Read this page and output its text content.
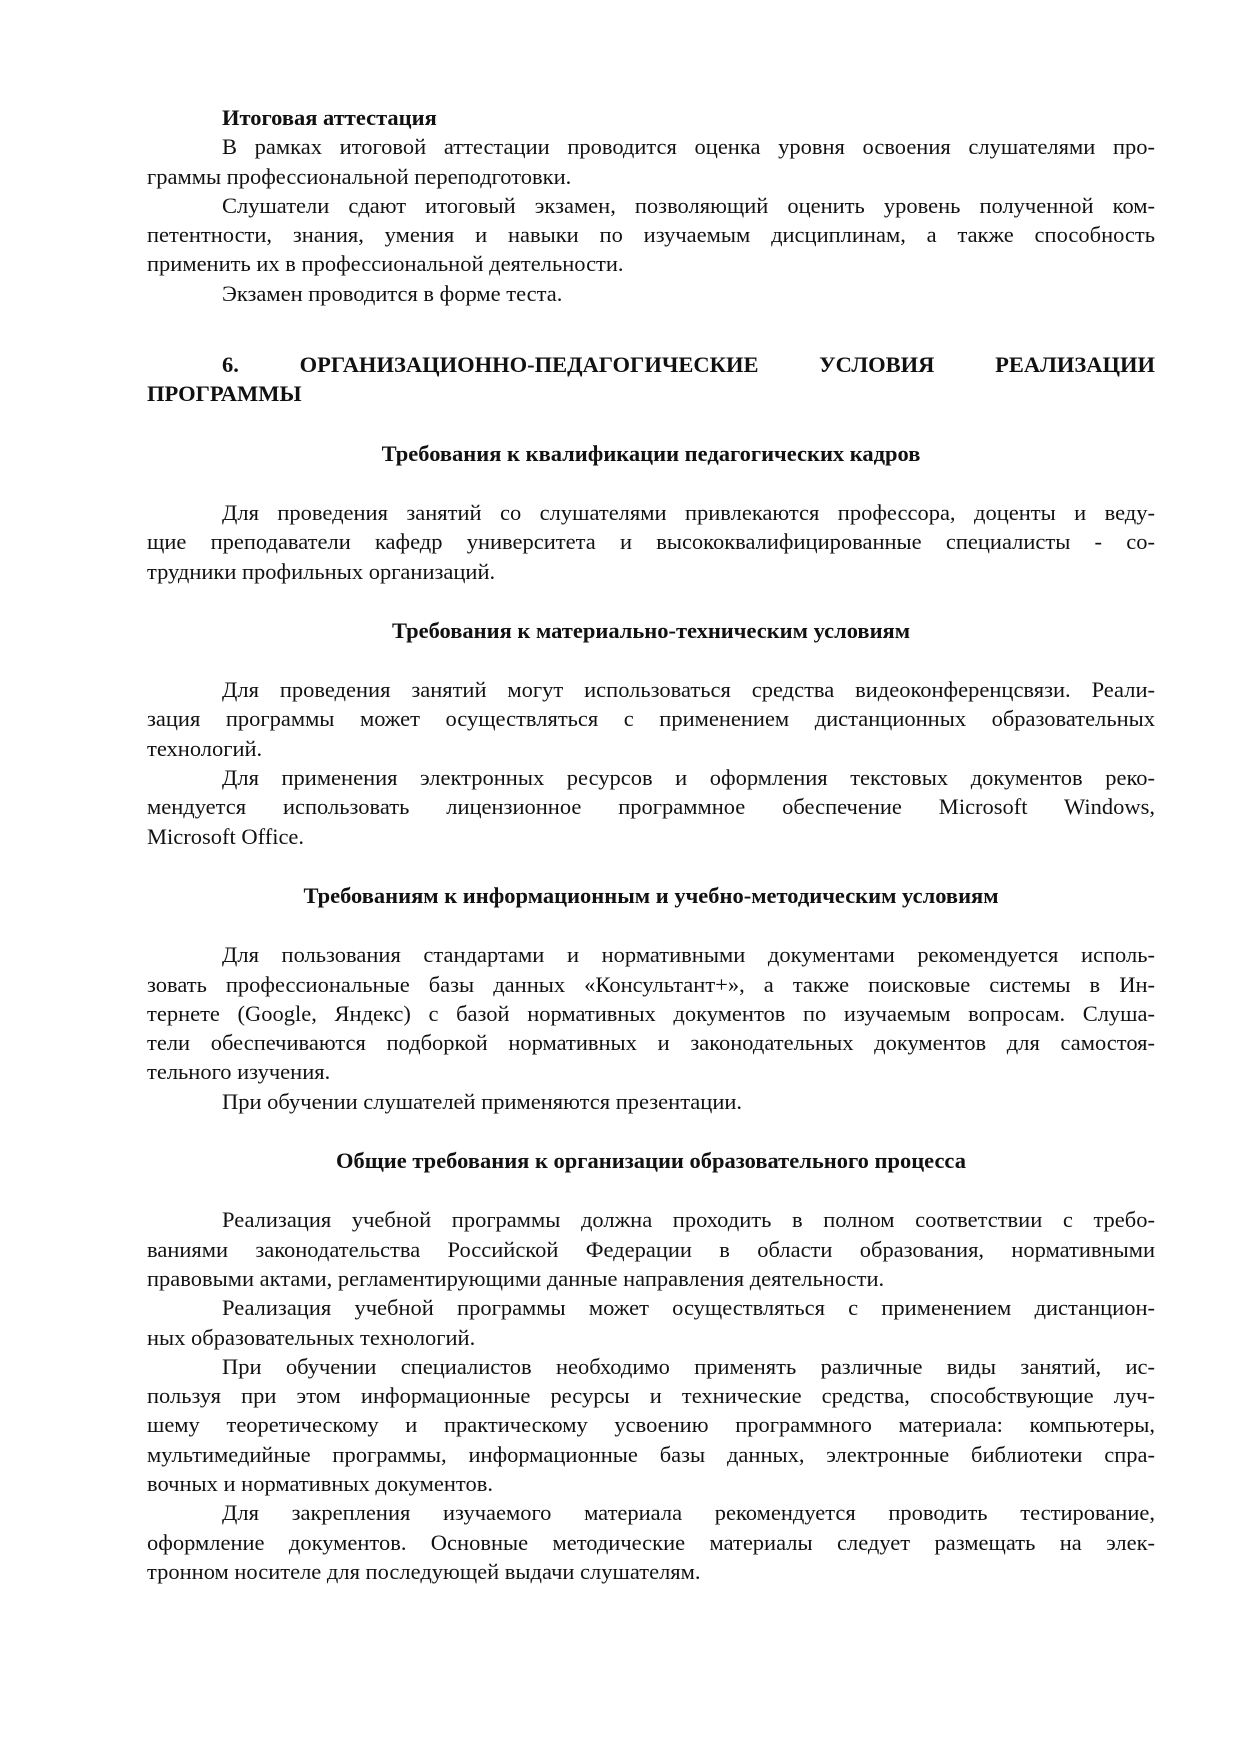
Итоговая аттестация
В рамках итоговой аттестации проводится оценка уровня освоения слушателями про-
граммы профессиональной переподготовки.
Слушатели сдают итоговый экзамен, позволяющий оценить уровень полученной ком-
петентности, знания, умения и навыки по изучаемым дисциплинам, а также способность
применить их в профессиональной деятельности.
Экзамен проводится в форме теста.
6. ОРГАНИЗАЦИОННО-ПЕДАГОГИЧЕСКИЕ УСЛОВИЯ РЕАЛИЗАЦИИ
ПРОГРАММЫ
Требования к квалификации педагогических кадров
Для проведения занятий со слушателями привлекаются профессора, доценты и веду-
щие преподаватели кафедр университета и высококвалифицированные специалисты - со-
трудники профильных организаций.
Требования к материально-техническим условиям
Для проведения занятий могут использоваться средства видеоконференцсвязи. Реали-
зация программы может осуществляться с применением дистанционных образовательных
технологий.
Для применения электронных ресурсов и оформления текстовых документов реко-
мендуется использовать лицензионное программное обеспечение Microsoft Windows,
Microsoft Office.
Требованиям к информационным и учебно-методическим условиям
Для пользования стандартами и нормативными документами рекомендуется исполь-
зовать профессиональные базы данных «Консультант+», а также поисковые системы в Ин-
тернете (Google, Яндекс) с базой нормативных документов по изучаемым вопросам. Слуша-
тели обеспечиваются подборкой нормативных и законодательных документов для самостоя-
тельного изучения.
При обучении слушателей применяются презентации.
Общие требования к организации образовательного процесса
Реализация учебной программы должна проходить в полном соответствии с требо-
ваниями законодательства Российской Федерации в области образования, нормативными
правовыми актами, регламентирующими данные направления деятельности.
Реализация учебной программы может осуществляться с применением дистанцион-
ных образовательных технологий.
При обучении специалистов необходимо применять различные виды занятий, ис-
пользуя при этом информационные ресурсы и технические средства, способствующие луч-
шему теоретическому и практическому усвоению программного материала: компьютеры,
мультимедийные программы, информационные базы данных, электронные библиотеки спра-
вочных и нормативных документов.
Для закрепления изучаемого материала рекомендуется проводить тестирование,
оформление документов. Основные методические материалы следует размещать на элек-
тронном носителе для последующей выдачи слушателям.
